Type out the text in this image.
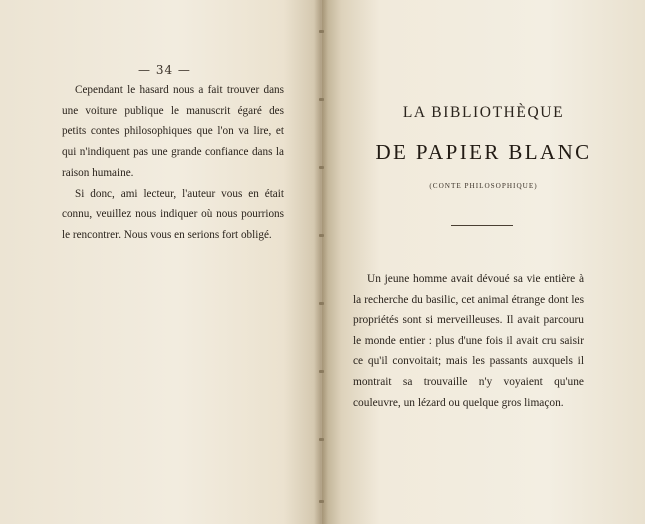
— 34 —

Cependant le hasard nous a fait trouver dans une voiture publique le manuscrit égaré des petits contes philosophiques que l'on va lire, et qui n'indiquent pas une grande confiance dans la raison humaine.

Si donc, ami lecteur, l'auteur vous en était connu, veuillez nous indiquer où nous pourrions le rencontrer. Nous vous en serions fort obligé.

LA BIBLIOTHÈQUE
DE PAPIER BLANC
(CONTE PHILOSOPHIQUE)

Un jeune homme avait dévoué sa vie entière à la recherche du basilic, cet animal étrange dont les propriétés sont si merveilleuses. Il avait parcouru le monde entier : plus d'une fois il avait cru saisir ce qu'il convoitait; mais les passants auxquels il montrait sa trouvaille n'y voyaient qu'une couleuvre, un lézard ou quelque gros limaçon.
